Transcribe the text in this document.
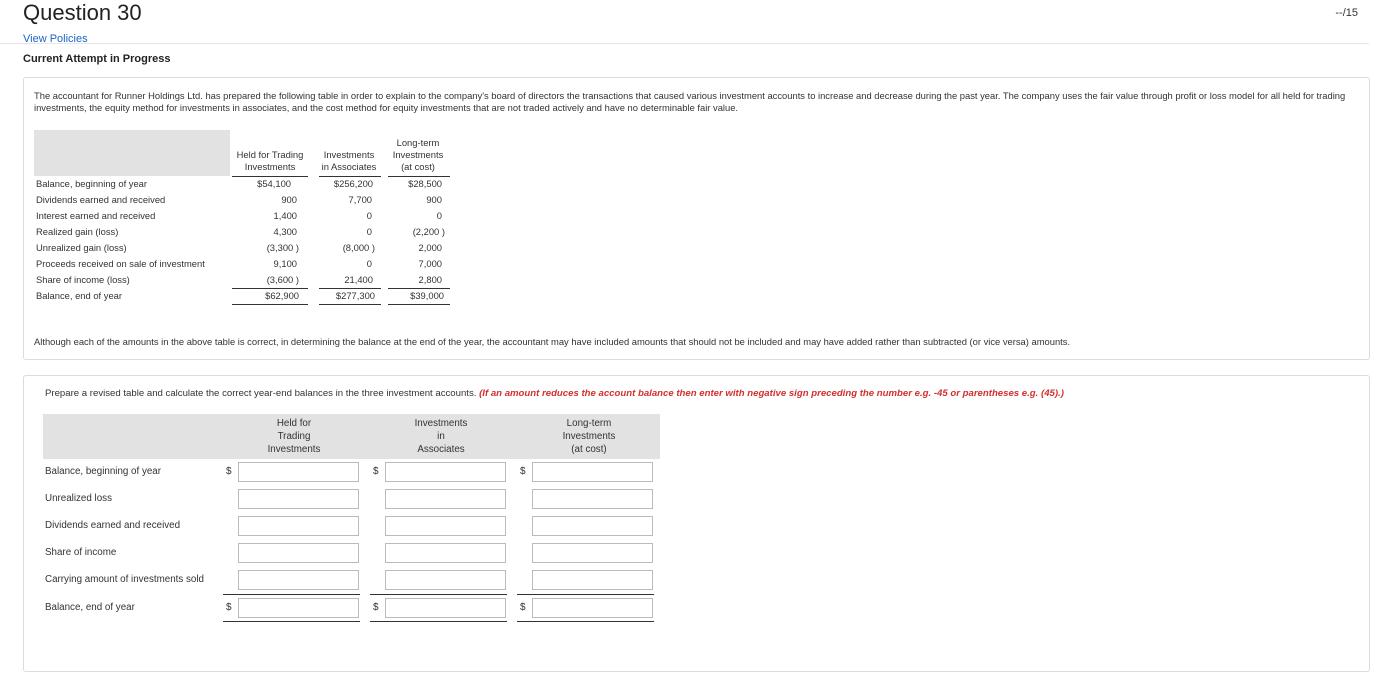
Question 30	--/15
View Policies
Current Attempt in Progress
The accountant for Runner Holdings Ltd. has prepared the following table in order to explain to the company's board of directors the transactions that caused various investment accounts to increase and decrease during the past year. The company uses the fair value through profit or loss model for all held for trading investments, the equity method for investments in associates, and the cost method for equity investments that are not traded actively and have no determinable fair value.
Held for Trading
Investments
Investments
in Associates
Long-term
Investments
(at cost)
Balance, beginning of year	$54,100	$256,200	$28,500
Dividends earned and received	900	7,700	900
Interest earned and received	1,400	0	0
Realized gain (loss)	4,300	0	(2,200 )
Unrealized gain (loss)	(3,300 )	(8,000 )	2,000
Proceeds received on sale of investment	9,100	0	7,000
Share of income (loss)	(3,600 )	21,400	2,800
Balance, end of year	$62,900	$277,300	$39,000
Although each of the amounts in the above table is correct, in determining the balance at the end of the year, the accountant may have included amounts that should not be included and may have added rather than subtracted (or vice versa) amounts.
Prepare a revised table and calculate the correct year-end balances in the three investment accounts. (If an amount reduces the account balance then enter with negative sign preceding the number e.g. -45 or parentheses e.g. (45).)
Held for
Trading
Investments
Investments
in
Associates
Long-term
Investments
(at cost)
Balance, beginning of year	$	$	$
Unrealized loss
Dividends earned and received
Share of income
Carrying amount of investments sold
Balance, end of year	$	$	$
